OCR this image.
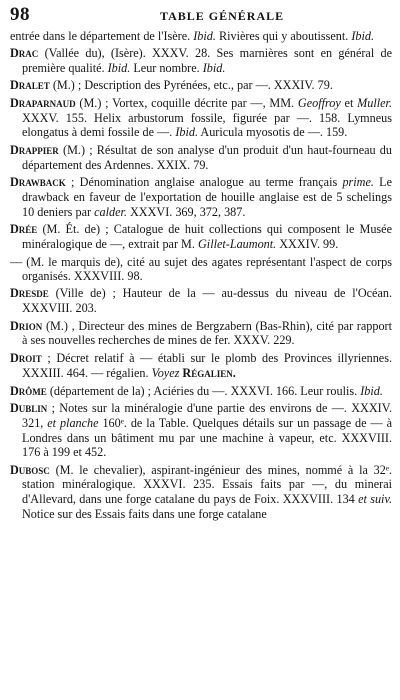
98	TABLE GÉNÉRALE

entrée dans le département de l'Isère. Ibid. Rivières qui y aboutissent. Ibid.

Drac (Vallée du), (Isère). XXXV. 28. Ses marnières sont en général de première qualité. Ibid. Leur nombre. Ibid.

Dralet (M.) ; Description des Pyrénées, etc., par —. XXXIV. 79.

Draparnaud (M.) ; Vortex, coquille décrite par —, MM. Geoffroy et Muller. XXXV. 155. Helix arbustorum fossile, figurée par —. 158. Lymneus elongatus à demi fossile de —. Ibid. Auricula myosotis de —. 159.

Drappier (M.) ; Résultat de son analyse d'un produit d'un haut-fourneau du département des Ardennes. XXIX. 79.

Drawback ; Dénomination anglaise analogue au terme français prime. Le drawback en faveur de l'exportation de houille anglaise est de 5 schelings 10 deniers par calder. XXXVI. 369, 372, 387.

Drée (M. Ét. de) ; Catalogue de huit collections qui composent le Musée minéralogique de —, extrait par M. Gillet-Laumont. XXXIV. 99.

— (M. le marquis de), cité au sujet des agates représentant l'aspect de corps organisés. XXXVIII. 98.

Dresde (Ville de) ; Hauteur de la — au-dessus du niveau de l'Océan. XXXVIII. 203.

Drion (M.) , Directeur des mines de Bergzabern (Bas-Rhin), cité par rapport à ses nouvelles recherches de mines de fer. XXXV. 229.

Droit ; Décret relatif à — établi sur le plomb des Provinces illyriennes. XXXIII. 464. — régalien. Voyez Régalien.

Drôme (département de la) ; Aciéries du —. XXXVI. 166. Leur roulis. Ibid.

Dublin ; Notes sur la minéralogie d'une partie des environs de —. XXXIV. 321, et planche 160ᵉ. de la Table. Quelques détails sur un passage de — à Londres dans un bâtiment mu par une machine à vapeur, etc. XXXVIII. 176 à 199 et 452.

Dubosc (M. le chevalier), aspirant-ingénieur des mines, nommé à la 32ᵉ. station minéralogique. XXXVI. 235. Essais faits par —, du minerai d'Allevard, dans une forge catalane du pays de Foix. XXXVIII. 134 et suiv. Notice sur des Essais faits dans une forge catalane
